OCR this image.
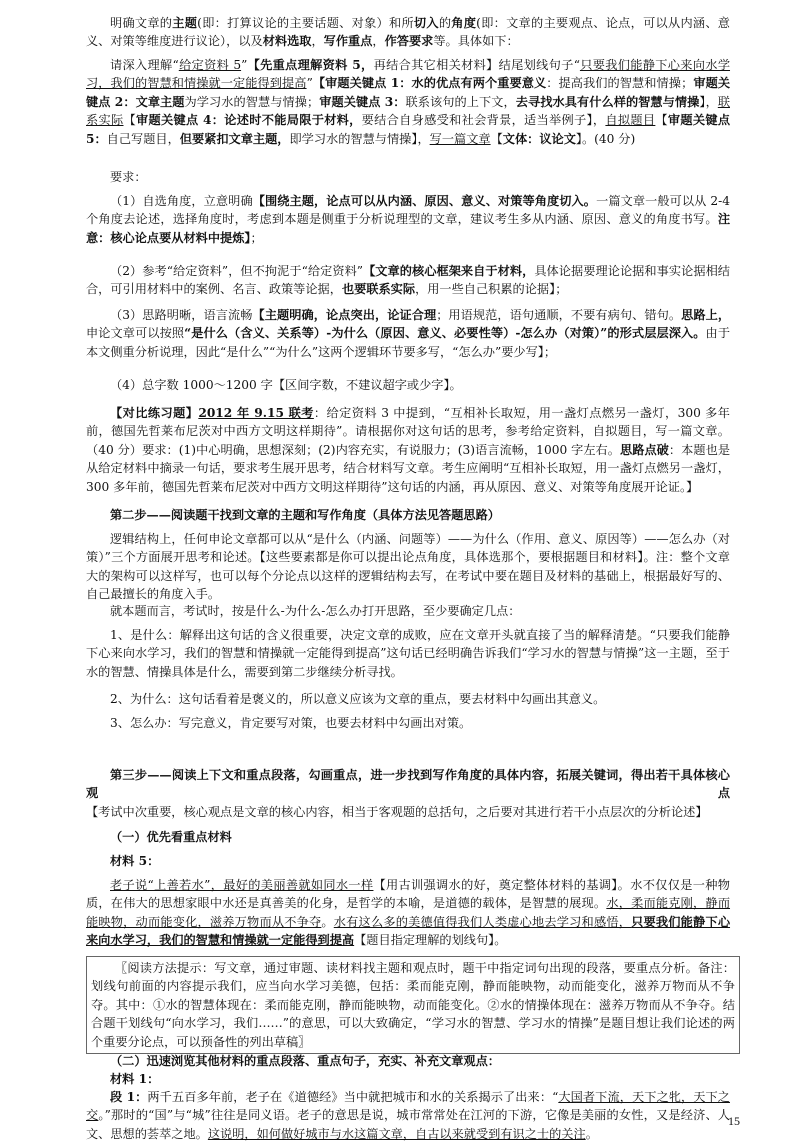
明确文章的主题(即：打算议论的主要话题、对象）和所切入的角度(即：文章的主要观点、论点，可以从内涵、意义、对策等维度进行议论），以及材料选取，写作重点，作答要求等。具体如下：

请深入理解“给定资料 5”【先重点理解资料 5，再结合其它相关材料】结尾划线句子“只要我们能静下心来向水学习，我们的智慧和情操就一定能得到提高”【审题关键点 1：水的优点有两个重要意义：提高我们的智慧和情操；审题关键点 2：文章主题为学习水的智慧与情操；审题关键点 3：联系该句的上下文，去寻找水具有什么样的智慧与情操】，联系实际【审题关键点 4：论述时不能局限于材料，要结合自身感受和社会背景，适当举例子】，自拟题目【审题关键点 5：自己写题目，但要紧扣文章主题，即学习水的智慧与情操】，写一篇文章【文体：议论文】。(40 分)

要求：

（1）自选角度，立意明确【围绕主题，论点可以从内涵、原因、意义、对策等角度切入。一篇文章一般可以从 2-4 个角度去论述，选择角度时，考虑到本题是侧重于分析说理型的文章，建议考生多从内涵、原因、意义的角度书写。注意：核心论点要从材料中提炼】；

（2）参考“给定资料”，但不拘泥于“给定资料”【文章的核心框架来自于材料，具体论据要理论论据和事实论据相结合，可引用材料中的案例、名言、政策等论据，也要联系实际，用一些自己积累的论据】；

（3）思路明晰，语言流畅【主题明确，论点突出，论证合理；用语规范，语句通顺，不要有病句、错句。思路上，申论文章可以按照“是什么（含义、关系等）-为什么（原因、意义、必要性等）-怎么办（对策）”的形式层层深入。由于本文侧重分析说理，因此“是什么”“为什么”这两个逻辑环节要多写，“怎么办”要少写】；

（4）总字数 1000～1200 字【区间字数，不建议超字或少字】。

【对比练习题】2012 年 9.15 联考：给定资料 3 中提到，“互相补长取短，用一盏灯点燃另一盏灯，300 多年前，德国先哲莱布尼茨对中西方文明这样期待”。请根据你对这句话的思考，参考给定资料，自拟题目，写一篇文章。（40 分）要求：(1)中心明确，思想深刻；(2)内容充实，有说服力；(3)语言流畅，1000 字左右。思路点破：本题也是从给定材料中摘录一句话，要求考生展开思考，结合材料写文章。考生应阐明“互相补长取短，用一盏灯点燃另一盏灯，300 多年前，德国先哲莱布尼茨对中西方文明这样期待”这句话的内涵，再从原因、意义、对策等角度展开论证。】

第二步——阅读题干找到文章的主题和写作角度（具体方法见答题思路）

逻辑结构上，任何申论文章都可以从“是什么（内涵、问题等）——为什么（作用、意义、原因等）——怎么办（对策）”三个方面展开思考和论述。【这些要素都是你可以提出论点角度，具体选那个，要根据题目和材料】。注：整个文章大的架构可以这样写，也可以每个分论点以这样的逻辑结构去写，在考试中要在题目及材料的基础上，根据最好写的、自己最擅长的角度入手。

就本题而言，考试时，按是什么-为什么-怎么办打开思路，至少要确定几点：

1、是什么：解释出这句话的含义很重要，决定文章的成败，应在文章开头就直接了当的解释清楚。“只要我们能静下心来向水学习，我们的智慧和情操就一定能得到提高”这句话已经明确告诉我们“学习水的智慧与情操”这一主题，至于水的智慧、情操具体是什么，需要到第二步继续分析寻找。

2、为什么：这句话看着是褒义的，所以意义应该为文章的重点，要去材料中勾画出其意义。

3、怎么办：写完意义，肯定要写对策，也要去材料中勾画出对策。

第三步——阅读上下文和重点段落，勾画重点，进一步找到写作角度的具体内容，拓展关键词，得出若干具体核心观点【考试中次重要，核心观点是文章的核心内容，相当于客观题的总括句，之后要对其进行若干小点层次的分析论述】

（一）优先看重点材料

材料 5：

老子说“上善若水”，最好的美丽善就如同水一样【用古训强调水的好，奠定整体材料的基调】。水不仅仅是一种物质，在伟大的思想家眼中水还是真善美的化身，是哲学的本喻，是道德的载体，是智慧的展现。水，柔而能克刚，静而能映物，动而能变化，滋养万物而从不争夺。水有这么多的美德值得我们人类虚心地去学习和感悟，只要我们能静下心来向水学习，我们的智慧和情操就一定能得到提高【题目指定理解的划线句】。

〖阅读方法提示：写文章，通过审题、读材料找主题和观点时，题干中指定词句出现的段落，要重点分析。备注：划线句前面的内容提示我们，应当向水学习美德，包括：柔而能克刚，静而能映物，动而能变化，滋养万物而从不争夺。其中：①水的智慧体现在：柔而能克刚，静而能映物，动而能变化。②水的情操体现在：滋养万物而从不争夺。结合题干划线句“向水学习，我们……”的意思，可以大致确定，“学习水的智慧、学习水的情操”是题目想让我们论述的两个重要分论点，可以预备性的列出草稿〗

（二）迅速浏览其他材料的重点段落、重点句子，充实、补充文章观点：

材料 1：

段 1：两千五百多年前，老子在《道德经》当中就把城市和水的关系揭示了出来：“大国者下流，天下之牝，天下之交。”那时的“国”与“城”往往是同义语。老子的意思是说，城市常常处在江河的下游，它像是美丽的女性，又是经济、人文、思想的荟萃之地。这说明，如何做好城市与水这篇文章，自古以来就受到有识之士的关注。

15
